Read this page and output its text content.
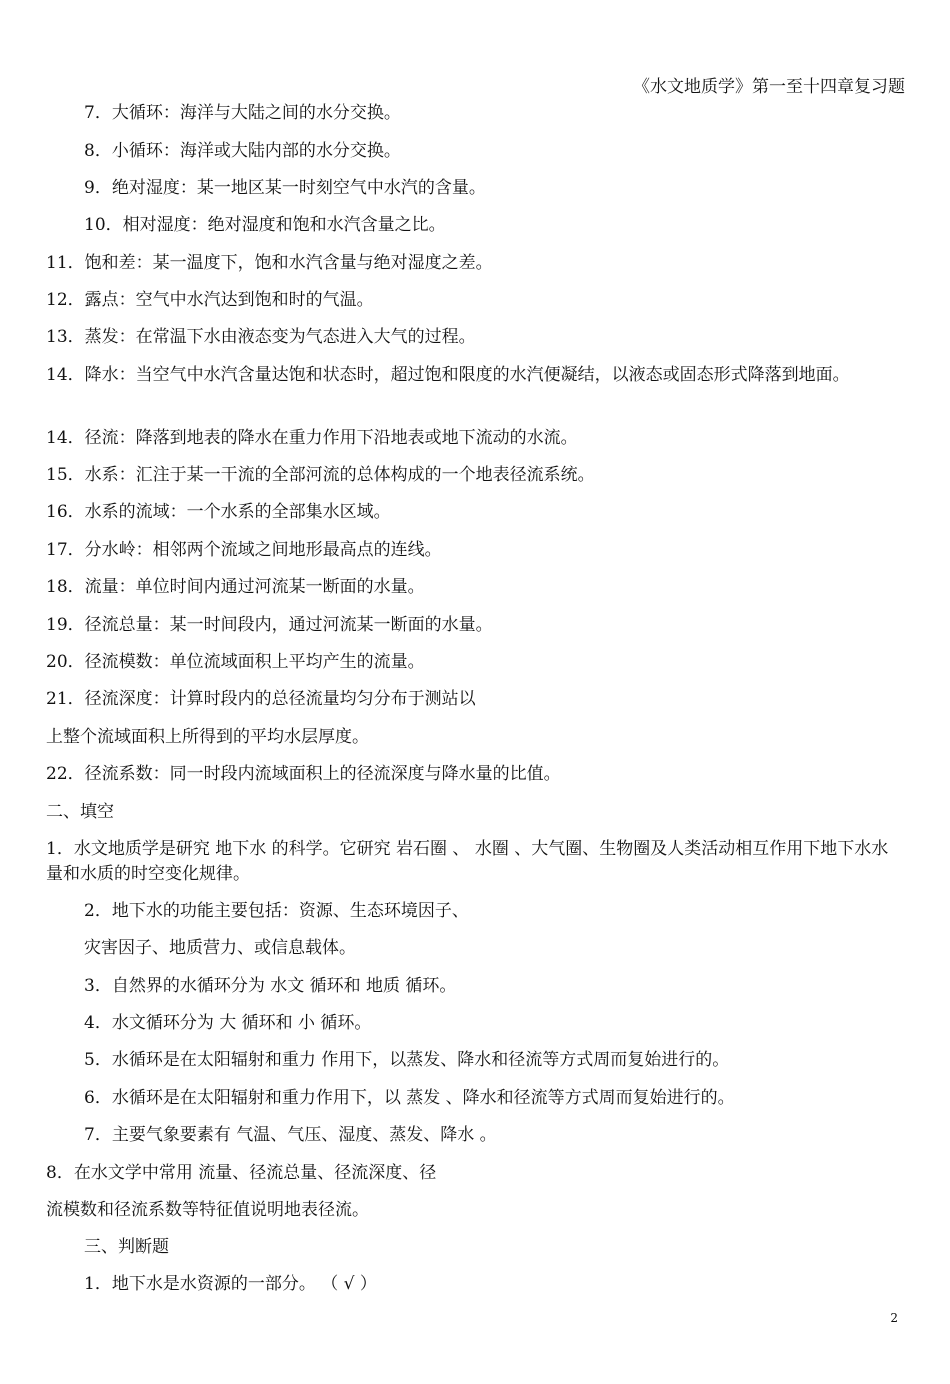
《水文地质学》第一至十四章复习题
7．大循环：海洋与大陆之间的水分交换。
8．小循环：海洋或大陆内部的水分交换。
9．绝对湿度：某一地区某一时刻空气中水汽的含量。
10．相对湿度：绝对湿度和饱和水汽含量之比。
11．饱和差：某一温度下，饱和水汽含量与绝对湿度之差。
12．露点：空气中水汽达到饱和时的气温。
13．蒸发：在常温下水由液态变为气态进入大气的过程。
14．降水：当空气中水汽含量达饱和状态时，超过饱和限度的水汽便凝结，以液态或固态形式降落到地面。
14．径流：降落到地表的降水在重力作用下沿地表或地下流动的水流。
15．水系：汇注于某一干流的全部河流的总体构成的一个地表径流系统。
16．水系的流域：一个水系的全部集水区域。
17．分水岭：相邻两个流域之间地形最高点的连线。
18．流量：单位时间内通过河流某一断面的水量。
19．径流总量：某一时间段内，通过河流某一断面的水量。
20．径流模数：单位流域面积上平均产生的流量。
21．径流深度：计算时段内的总径流量均匀分布于测站以
上整个流域面积上所得到的平均水层厚度。
22．径流系数：同一时段内流域面积上的径流深度与降水量的比值。
二、填空
1．水文地质学是研究 地下水 的科学。它研究 岩石圈 、 水圈 、大气圈、生物圈及人类活动相互作用下地下水水量和水质的时空变化规律。
2．地下水的功能主要包括：资源、生态环境因子、
灾害因子、地质营力、或信息载体。
3．自然界的水循环分为 水文 循环和 地质 循环。
4．水文循环分为 大 循环和 小 循环。
5．水循环是在太阳辐射和重力 作用下，以蒸发、降水和径流等方式周而复始进行的。
6．水循环是在太阳辐射和重力作用下，以 蒸发 、降水和径流等方式周而复始进行的。
7．主要气象要素有 气温、气压、湿度、蒸发、降水 。
8．在水文学中常用 流量、径流总量、径流深度、径
流模数和径流系数等特征值说明地表径流。
三、判断题
1．地下水是水资源的一部分。 （ √ ）
2
